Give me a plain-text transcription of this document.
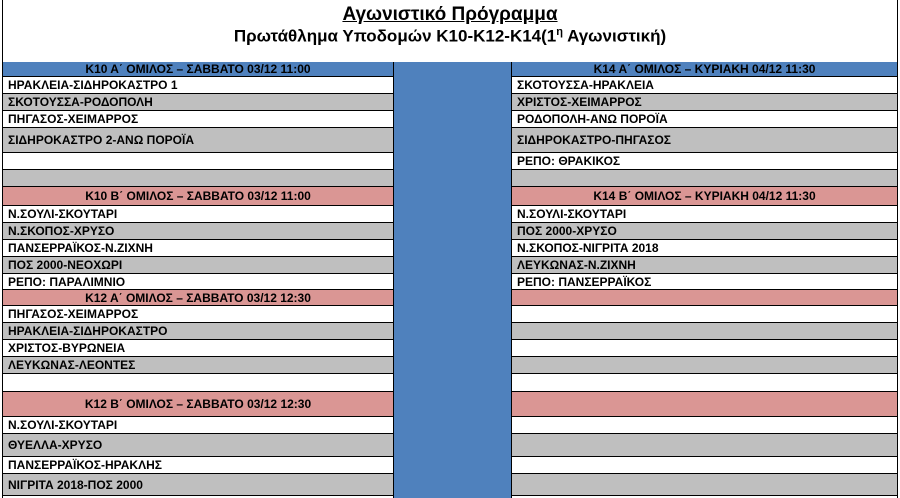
Αγωνιστικό Πρόγραμμα
Πρωτάθλημα Υποδομών $K10-K12-K14(1^\eta$ Αγωνιστική)
Κ10 Α΄ ΟΜΙΛΟΣ – ΣΑΒΒΑΤΟ 03/12 11:00
ΗΡΑΚΛΕΙΑ-ΣΙΔΗΡΟΚΑΣΤΡΟ 1
ΣΚΟΤΟΥΣΣΑ-ΡΟΔΟΠΟΛΗ
ΠΗΓΑΣΟΣ-ΧΕΙΜΑΡΡΟΣ
ΣΙΔΗΡΟΚΑΣΤΡΟ 2-ΑΝΩ ΠΟΡΟΪΑ
Κ10 Β΄ ΟΜΙΛΟΣ – ΣΑΒΒΑΤΟ 03/12 11:00
Ν.ΣΟΥΛΙ-ΣΚΟΥΤΑΡΙ
Ν.ΣΚΟΠΟΣ-ΧΡΥΣΟ
ΠΑΝΣΕΡΡΑΪΚΟΣ-Ν.ΖΙΧΝΗ
ΠΟΣ 2000-ΝΕΟΧΩΡΙ
ΡΕΠΟ: ΠΑΡΑΛΙΜΝΙΟ
Κ12 Α΄ ΟΜΙΛΟΣ – ΣΑΒΒΑΤΟ 03/12 12:30
ΠΗΓΑΣΟΣ-ΧΕΙΜΑΡΡΟΣ
ΗΡΑΚΛΕΙΑ-ΣΙΔΗΡΟΚΑΣΤΡΟ
ΧΡΙΣΤΟΣ-ΒΥΡΩΝΕΙΑ
ΛΕΥΚΩΝΑΣ-ΛΕΟΝΤΕΣ
Κ12 Β΄ ΟΜΙΛΟΣ – ΣΑΒΒΑΤΟ 03/12 12:30
Ν.ΣΟΥΛΙ-ΣΚΟΥΤΑΡΙ
ΘΥΕΛΛΑ-ΧΡΥΣΟ
ΠΑΝΣΕΡΡΑΪΚΟΣ-ΗΡΑΚΛΗΣ
ΝΙΓΡΙΤΑ 2018-ΠΟΣ 2000
Κ14 Α΄ ΟΜΙΛΟΣ – ΚΥΡΙΑΚΗ 04/12 11:30
ΣΚΟΤΟΥΣΣΑ-ΗΡΑΚΛΕΙΑ
ΧΡΙΣΤΟΣ-ΧΕΙΜΑΡΡΟΣ
ΡΟΔΟΠΟΛΗ-ΑΝΩ ΠΟΡΟΪΑ
ΣΙΔΗΡΟΚΑΣΤΡΟ-ΠΗΓΑΣΟΣ
ΡΕΠΟ: ΘΡΑΚΙΚΟΣ
Κ14 Β΄ ΟΜΙΛΟΣ – ΚΥΡΙΑΚΗ 04/12 11:30
Ν.ΣΟΥΛΙ-ΣΚΟΥΤΑΡΙ
ΠΟΣ 2000-ΧΡΥΣΟ
Ν.ΣΚΟΠΟΣ-ΝΙΓΡΙΤΑ 2018
ΛΕΥΚΩΝΑΣ-Ν.ΖΙΧΝΗ
ΡΕΠΟ: ΠΑΝΣΕΡΡΑΪΚΟΣ
